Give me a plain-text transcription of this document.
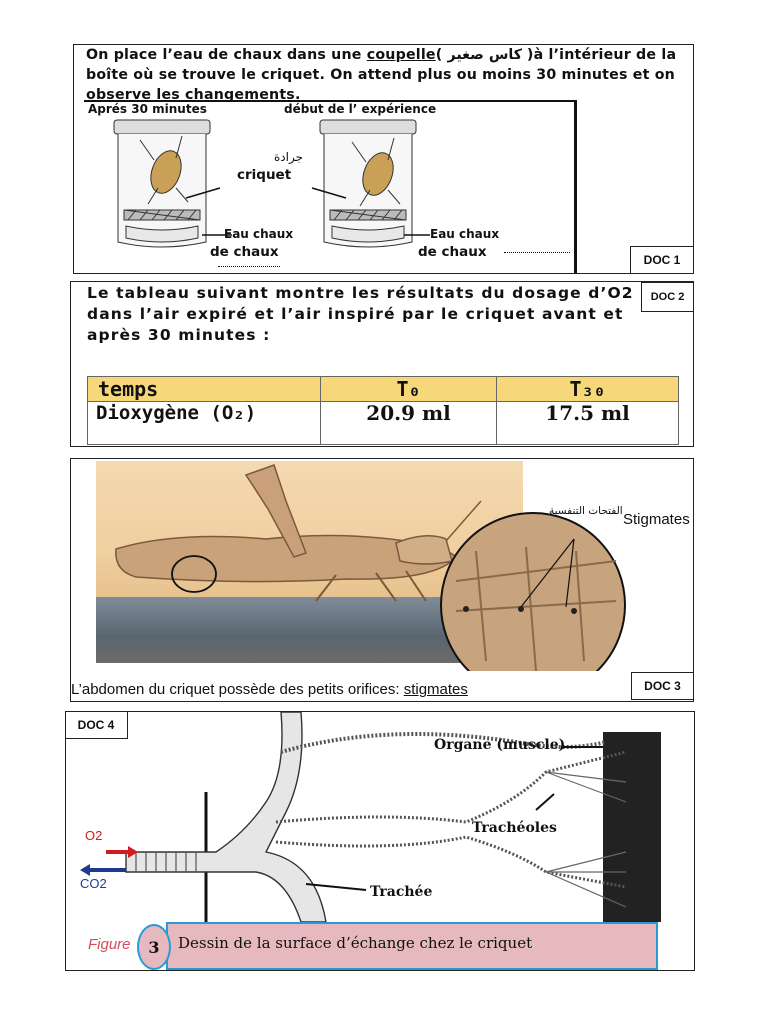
On place l’eau de chaux dans une coupelle( كاس صغير )à l’intérieur de la boîte où se trouve le criquet. On attend plus ou moins 30 minutes et on observe les changements.
Aprés 30 minutes	début de l’ expérience
جرادة
criquet
Eau chaux
de chaux
Eau chaux
de chaux	DOC 1
Le tableau suivant montre les résultats du dosage d’O2 dans l’air expiré et l’air inspiré par le criquet avant et après 30 minutes :
temps	T₀	T₃₀
Dioxygène (O₂)	20.9 ml	17.5 ml
DOC 2
الفتحات التنفسية Stigmates
L’abdomen du criquet possède des petits orifices: stigmates	DOC 3
DOC 4
Organe (muscle)
Trachéoles
Trachée
O2
CO2
Dessin de la surface d’échange chez le criquet
Figure	3
